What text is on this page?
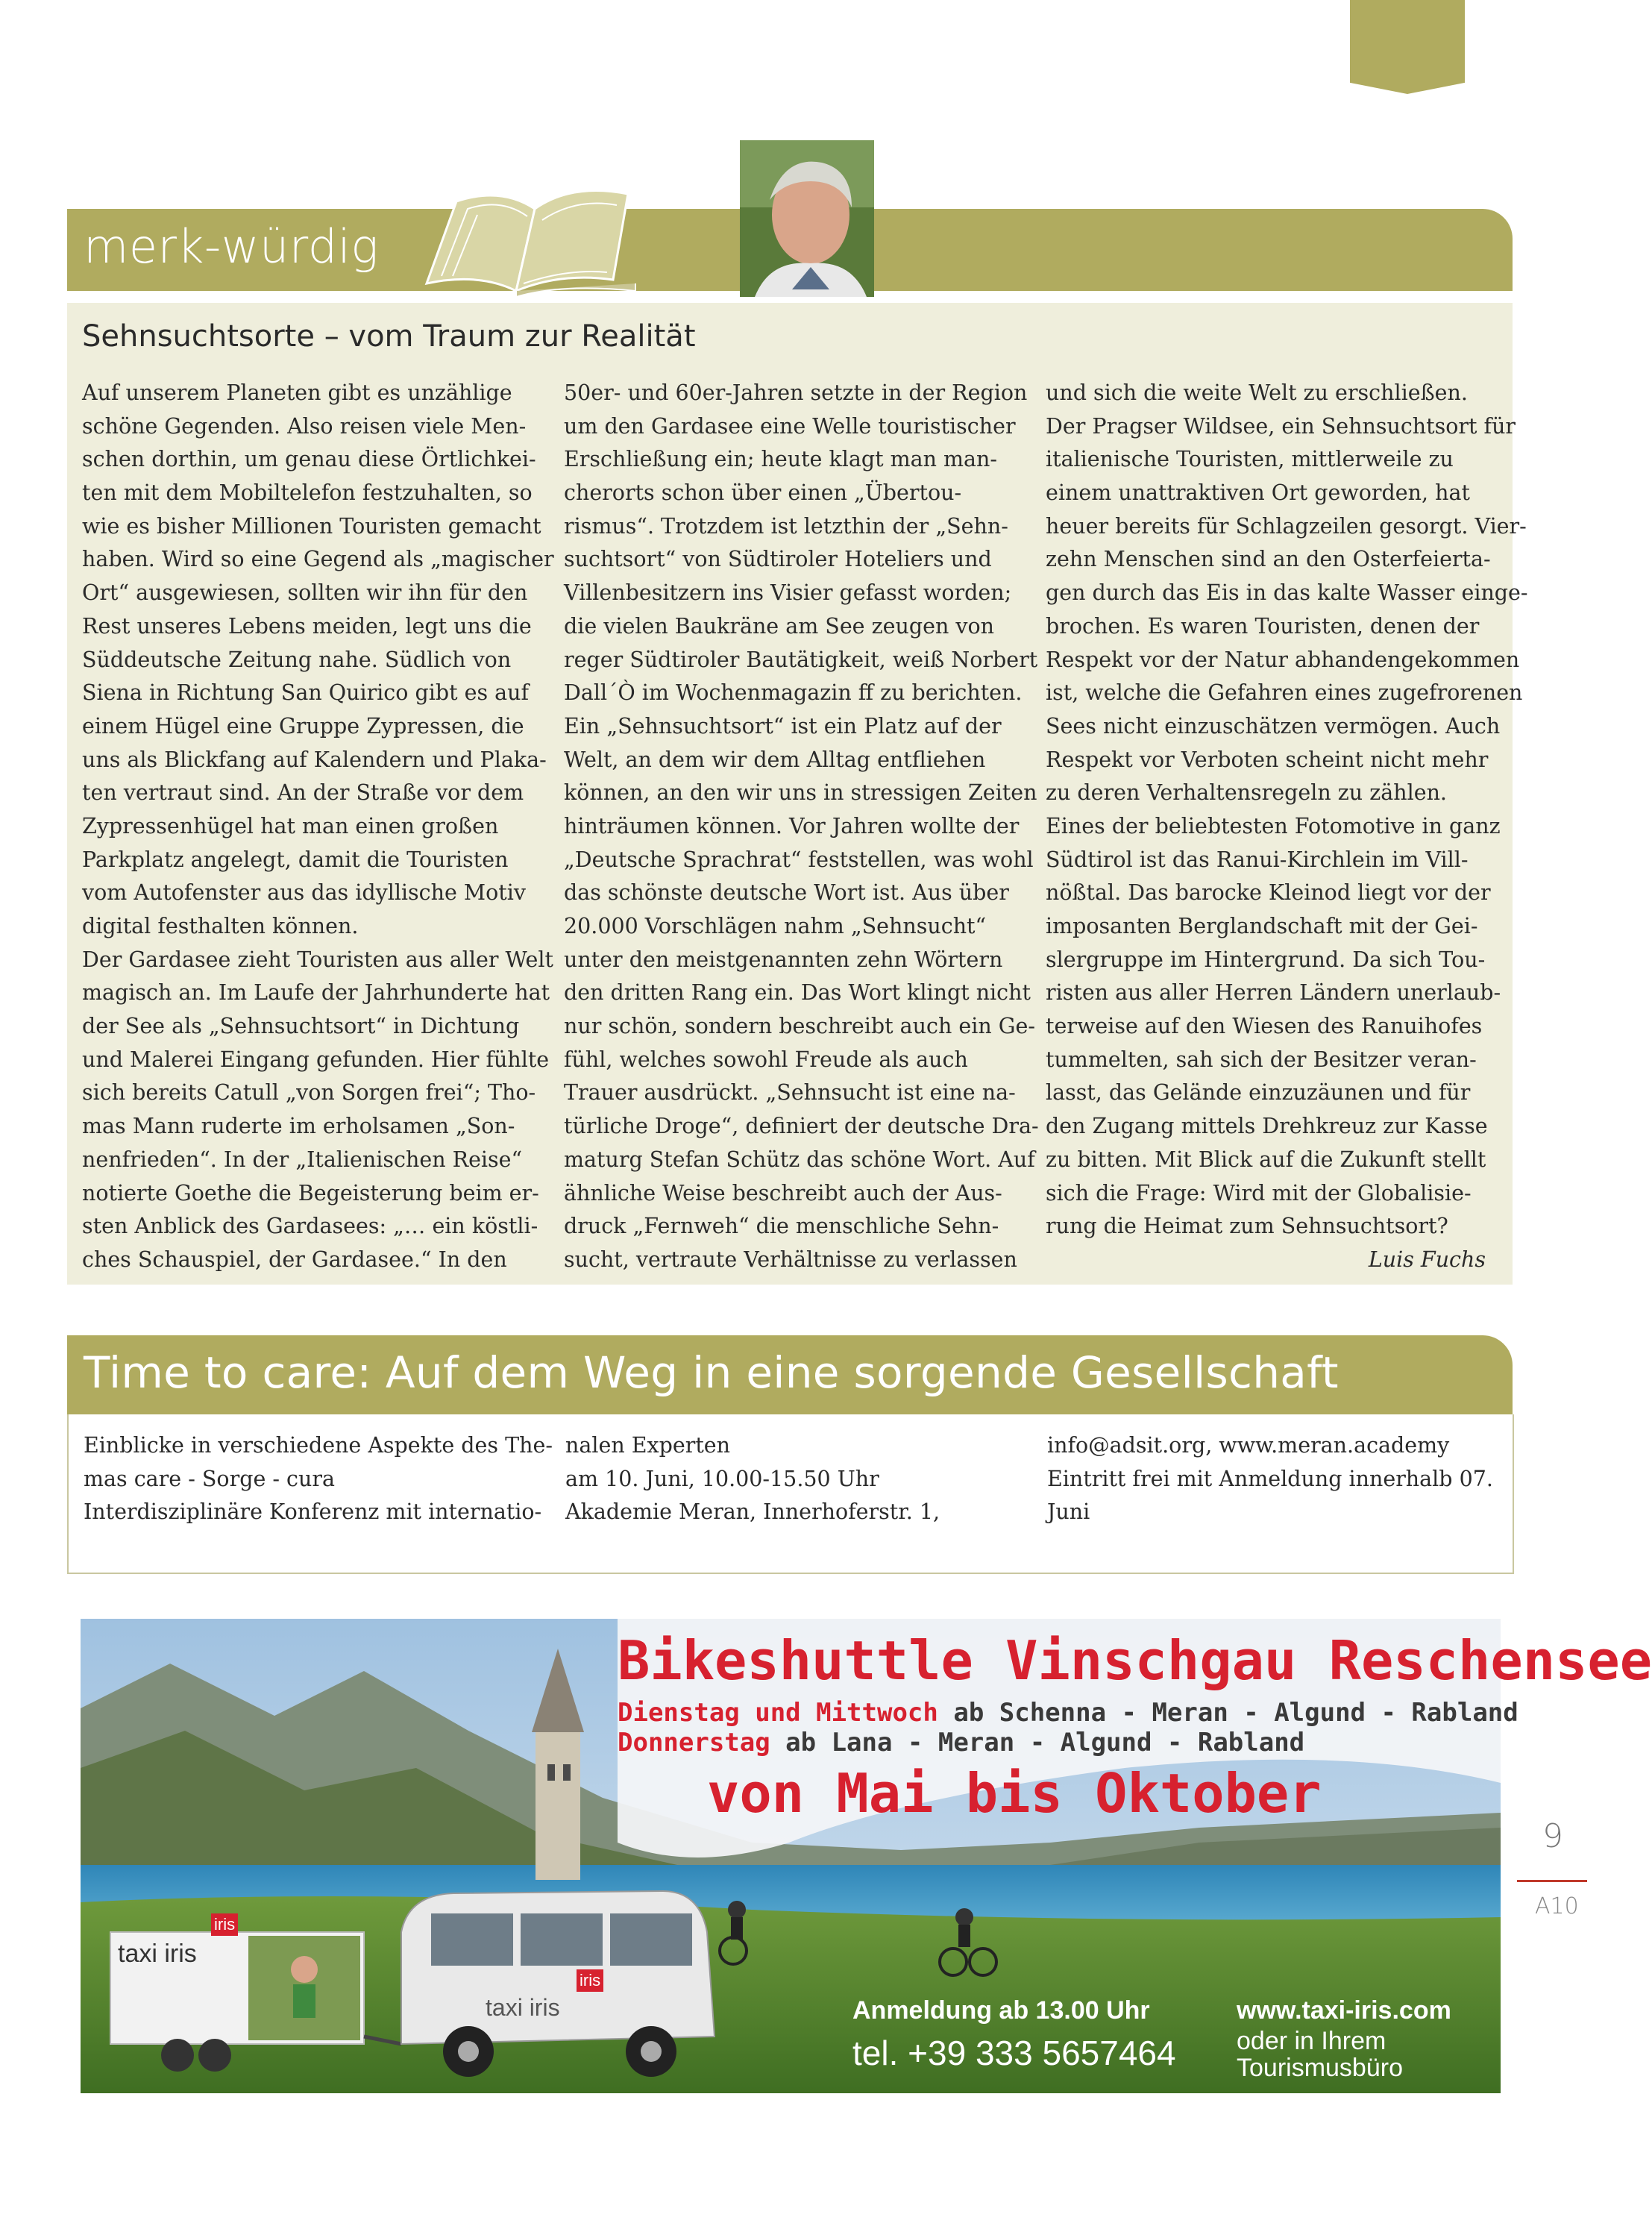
merk-würdig
Sehnsuchtsorte – vom Traum zur Realität
Auf unserem Planeten gibt es unzählige
schöne Gegenden. Also reisen viele Men-
schen dorthin, um genau diese Örtlichkei-
ten mit dem Mobiltelefon festzuhalten, so
wie es bisher Millionen Touristen gemacht
haben. Wird so eine Gegend als „magischer
Ort“ ausgewiesen, sollten wir ihn für den
Rest unseres Lebens meiden, legt uns die
Süddeutsche Zeitung nahe. Südlich von
Siena in Richtung San Quirico gibt es auf
einem Hügel eine Gruppe Zypressen, die
uns als Blickfang auf Kalendern und Plaka-
ten vertraut sind. An der Straße vor dem
Zypressenhügel hat man einen großen
Parkplatz angelegt, damit die Touristen
vom Autofenster aus das idyllische Motiv
digital festhalten können.
Der Gardasee zieht Touristen aus aller Welt
magisch an. Im Laufe der Jahrhunderte hat
der See als „Sehnsuchtsort“ in Dichtung
und Malerei Eingang gefunden. Hier fühlte
sich bereits Catull „von Sorgen frei“; Tho-
mas Mann ruderte im erholsamen „Son-
nenfrieden“. In der „Italienischen Reise“
notierte Goethe die Begeisterung beim er-
sten Anblick des Gardasees: „… ein köstli-
ches Schauspiel, der Gardasee.“ In den
50er- und 60er-Jahren setzte in der Region
um den Gardasee eine Welle touristischer
Erschließung ein; heute klagt man man-
cherorts schon über einen „Übertou-
rismus“. Trotzdem ist letzthin der „Sehn-
suchtsort“ von Südtiroler Hoteliers und
Villenbesitzern ins Visier gefasst worden;
die vielen Baukräne am See zeugen von
reger Südtiroler Bautätigkeit, weiß Norbert
Dall´Ò im Wochenmagazin ff zu berichten.
Ein „Sehnsuchtsort“ ist ein Platz auf der
Welt, an dem wir dem Alltag entfliehen
können, an den wir uns in stressigen Zeiten
hinträumen können. Vor Jahren wollte der
„Deutsche Sprachrat“ feststellen, was wohl
das schönste deutsche Wort ist. Aus über
20.000 Vorschlägen nahm „Sehnsucht“
unter den meistgenannten zehn Wörtern
den dritten Rang ein. Das Wort klingt nicht
nur schön, sondern beschreibt auch ein Ge-
fühl, welches sowohl Freude als auch
Trauer ausdrückt. „Sehnsucht ist eine na-
türliche Droge“, definiert der deutsche Dra-
maturg Stefan Schütz das schöne Wort. Auf
ähnliche Weise beschreibt auch der Aus-
druck „Fernweh“ die menschliche Sehn-
sucht, vertraute Verhältnisse zu verlassen
und sich die weite Welt zu erschließen.
Der Pragser Wildsee, ein Sehnsuchtsort für
italienische Touristen, mittlerweile zu
einem unattraktiven Ort geworden, hat
heuer bereits für Schlagzeilen gesorgt. Vier-
zehn Menschen sind an den Osterfeierta-
gen durch das Eis in das kalte Wasser einge-
brochen. Es waren Touristen, denen der
Respekt vor der Natur abhandengekommen
ist, welche die Gefahren eines zugefrorenen
Sees nicht einzuschätzen vermögen. Auch
Respekt vor Verboten scheint nicht mehr
zu deren Verhaltensregeln zu zählen.
Eines der beliebtesten Fotomotive in ganz
Südtirol ist das Ranui-Kirchlein im Vill-
nößtal. Das barocke Kleinod liegt vor der
imposanten Berglandschaft mit der Gei-
slergruppe im Hintergrund. Da sich Tou-
risten aus aller Herren Ländern unerlaub-
terweise auf den Wiesen des Ranuihofes
tummelten, sah sich der Besitzer veran-
lasst, das Gelände einzuzäunen und für
den Zugang mittels Drehkreuz zur Kasse
zu bitten. Mit Blick auf die Zukunft stellt
sich die Frage: Wird mit der Globalisie-
rung die Heimat zum Sehnsuchtsort?
Luis Fuchs
Time to care: Auf dem Weg in eine sorgende Gesellschaft
Einblicke in verschiedene Aspekte des The-
mas care - Sorge - cura
Interdisziplinäre Konferenz mit internatio-
nalen Experten
am 10. Juni, 10.00-15.50 Uhr
Akademie Meran, Innerhoferstr. 1,
info@adsit.org, www.meran.academy
Eintritt frei mit Anmeldung innerhalb 07.
Juni
Bikeshuttle Vinschgau Reschensee
Dienstag und Mittwoch ab Schenna - Meran - Algund - Rabland
Donnerstag ab Lana - Meran - Algund - Rabland
von Mai bis Oktober
taxi iris
iris
taxi iris
iris
Anmeldung ab 13.00 Uhr
tel. +39 333 5657464
www.taxi-iris.com
oder in Ihrem
Tourismusbüro
9
A10
